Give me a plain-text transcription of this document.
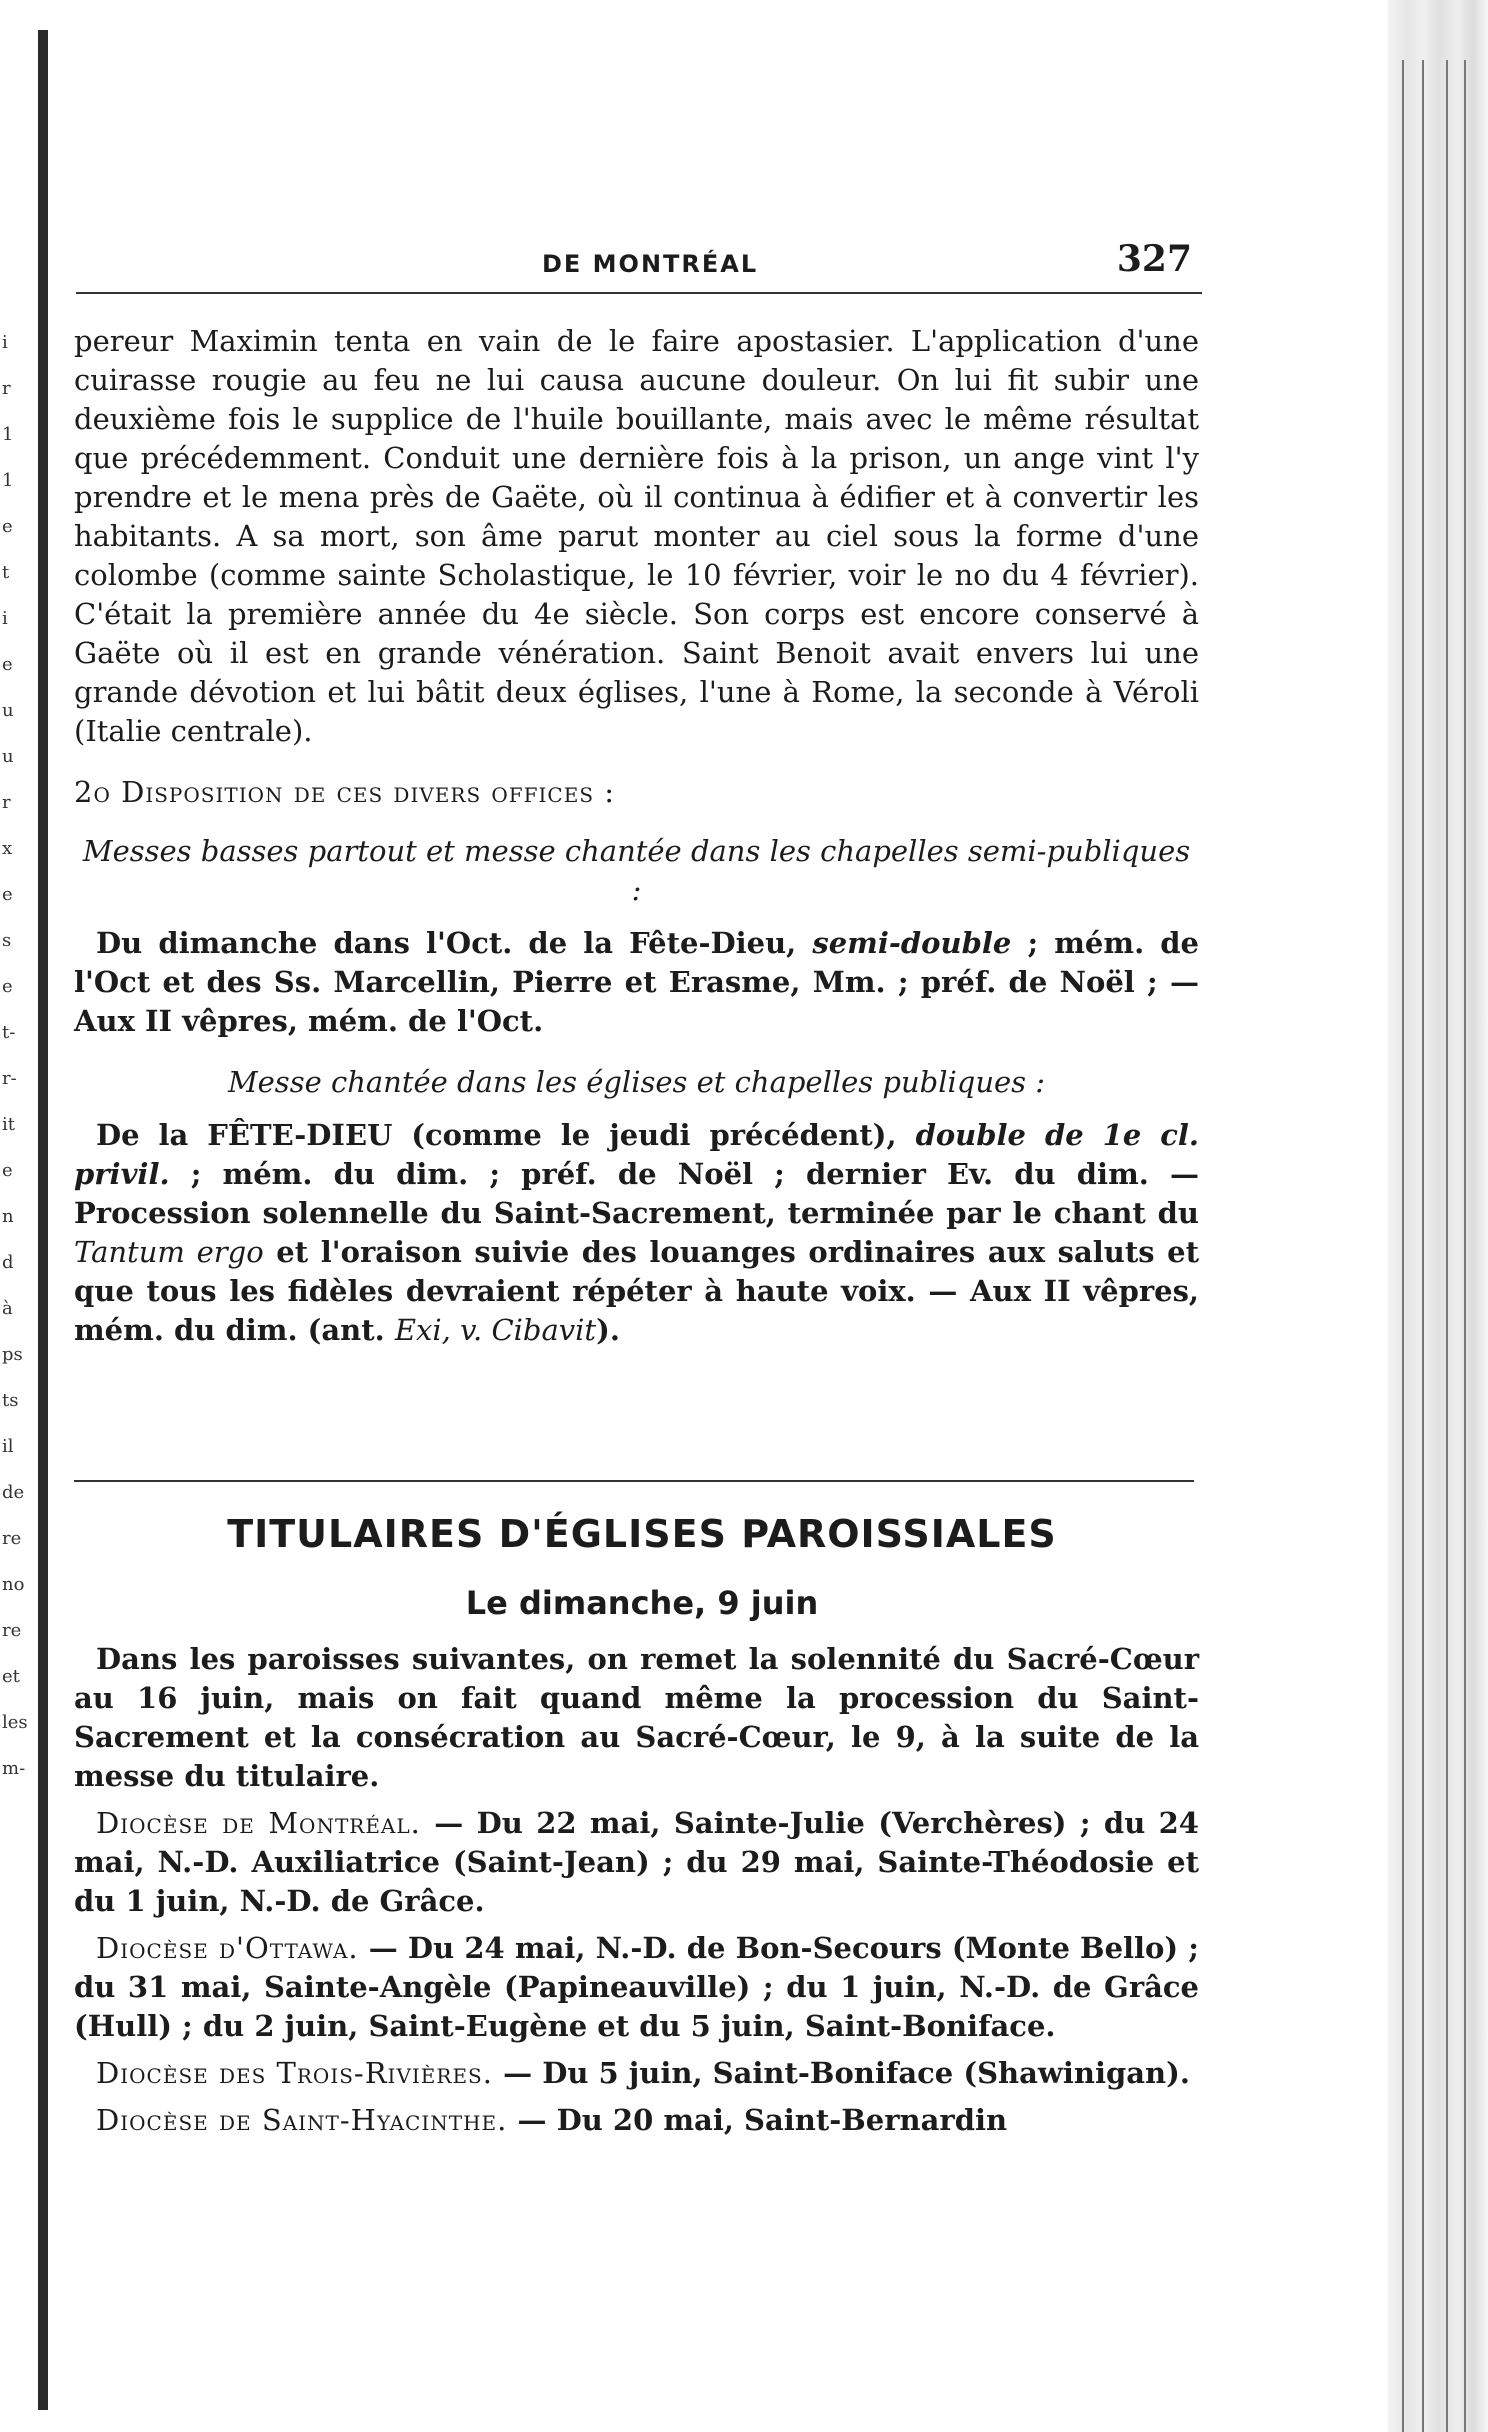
i
r
1
1
e
t
i
e
u
u
r
x
e
s
e
t-
r-
it
e
n
d
à
ps
ts
il
de
re
no
re
et
les
m-
DE MONTRÉAL	327

pereur Maximin tenta en vain de le faire apostasier. L'application d'une cuirasse rougie au feu ne lui causa aucune douleur. On lui fit subir une deuxième fois le supplice de l'huile bouillante, mais avec le même résultat que précédemment. Conduit une dernière fois à la prison, un ange vint l'y prendre et le mena près de Gaëte, où il continua à édifier et à convertir les habitants. A sa mort, son âme parut monter au ciel sous la forme d'une colombe (comme sainte Scholastique, le 10 février, voir le no du 4 février). C'était la première année du 4e siècle. Son corps est encore conservé à Gaëte où il est en grande vénération. Saint Benoit avait envers lui une grande dévotion et lui bâtit deux églises, l'une à Rome, la seconde à Véroli (Italie centrale).

2o Disposition de ces divers offices :

Messes basses partout et messe chantée dans les chapelles semi-publiques :

Du dimanche dans l'Oct. de la Fête-Dieu, semi-double ; mém. de l'Oct et des Ss. Marcellin, Pierre et Erasme, Mm. ; préf. de Noël ; — Aux II vêpres, mém. de l'Oct.

Messe chantée dans les églises et chapelles publiques :

De la FÊTE-DIEU (comme le jeudi précédent), double de 1e cl. privil. ; mém. du dim. ; préf. de Noël ; dernier Ev. du dim. — Procession solennelle du Saint-Sacrement, terminée par le chant du Tantum ergo et l'oraison suivie des louanges ordinaires aux saluts et que tous les fidèles devraient répéter à haute voix. — Aux II vêpres, mém. du dim. (ant. Exi, v. Cibavit).

TITULAIRES D'ÉGLISES PAROISSIALES
Le dimanche, 9 juin

Dans les paroisses suivantes, on remet la solennité du Sacré-Cœur au 16 juin, mais on fait quand même la procession du Saint-Sacrement et la consécration au Sacré-Cœur, le 9, à la suite de la messe du titulaire.

Diocèse de Montréal. — Du 22 mai, Sainte-Julie (Verchères) ; du 24 mai, N.-D. Auxiliatrice (Saint-Jean) ; du 29 mai, Sainte-Théodosie et du 1 juin, N.-D. de Grâce.

Diocèse d'Ottawa. — Du 24 mai, N.-D. de Bon-Secours (Monte Bello) ; du 31 mai, Sainte-Angèle (Papineauville) ; du 1 juin, N.-D. de Grâce (Hull) ; du 2 juin, Saint-Eugène et du 5 juin, Saint-Boniface.

Diocèse des Trois-Rivières. — Du 5 juin, Saint-Boniface (Shawinigan).

Diocèse de Saint-Hyacinthe. — Du 20 mai, Saint-Bernardin
